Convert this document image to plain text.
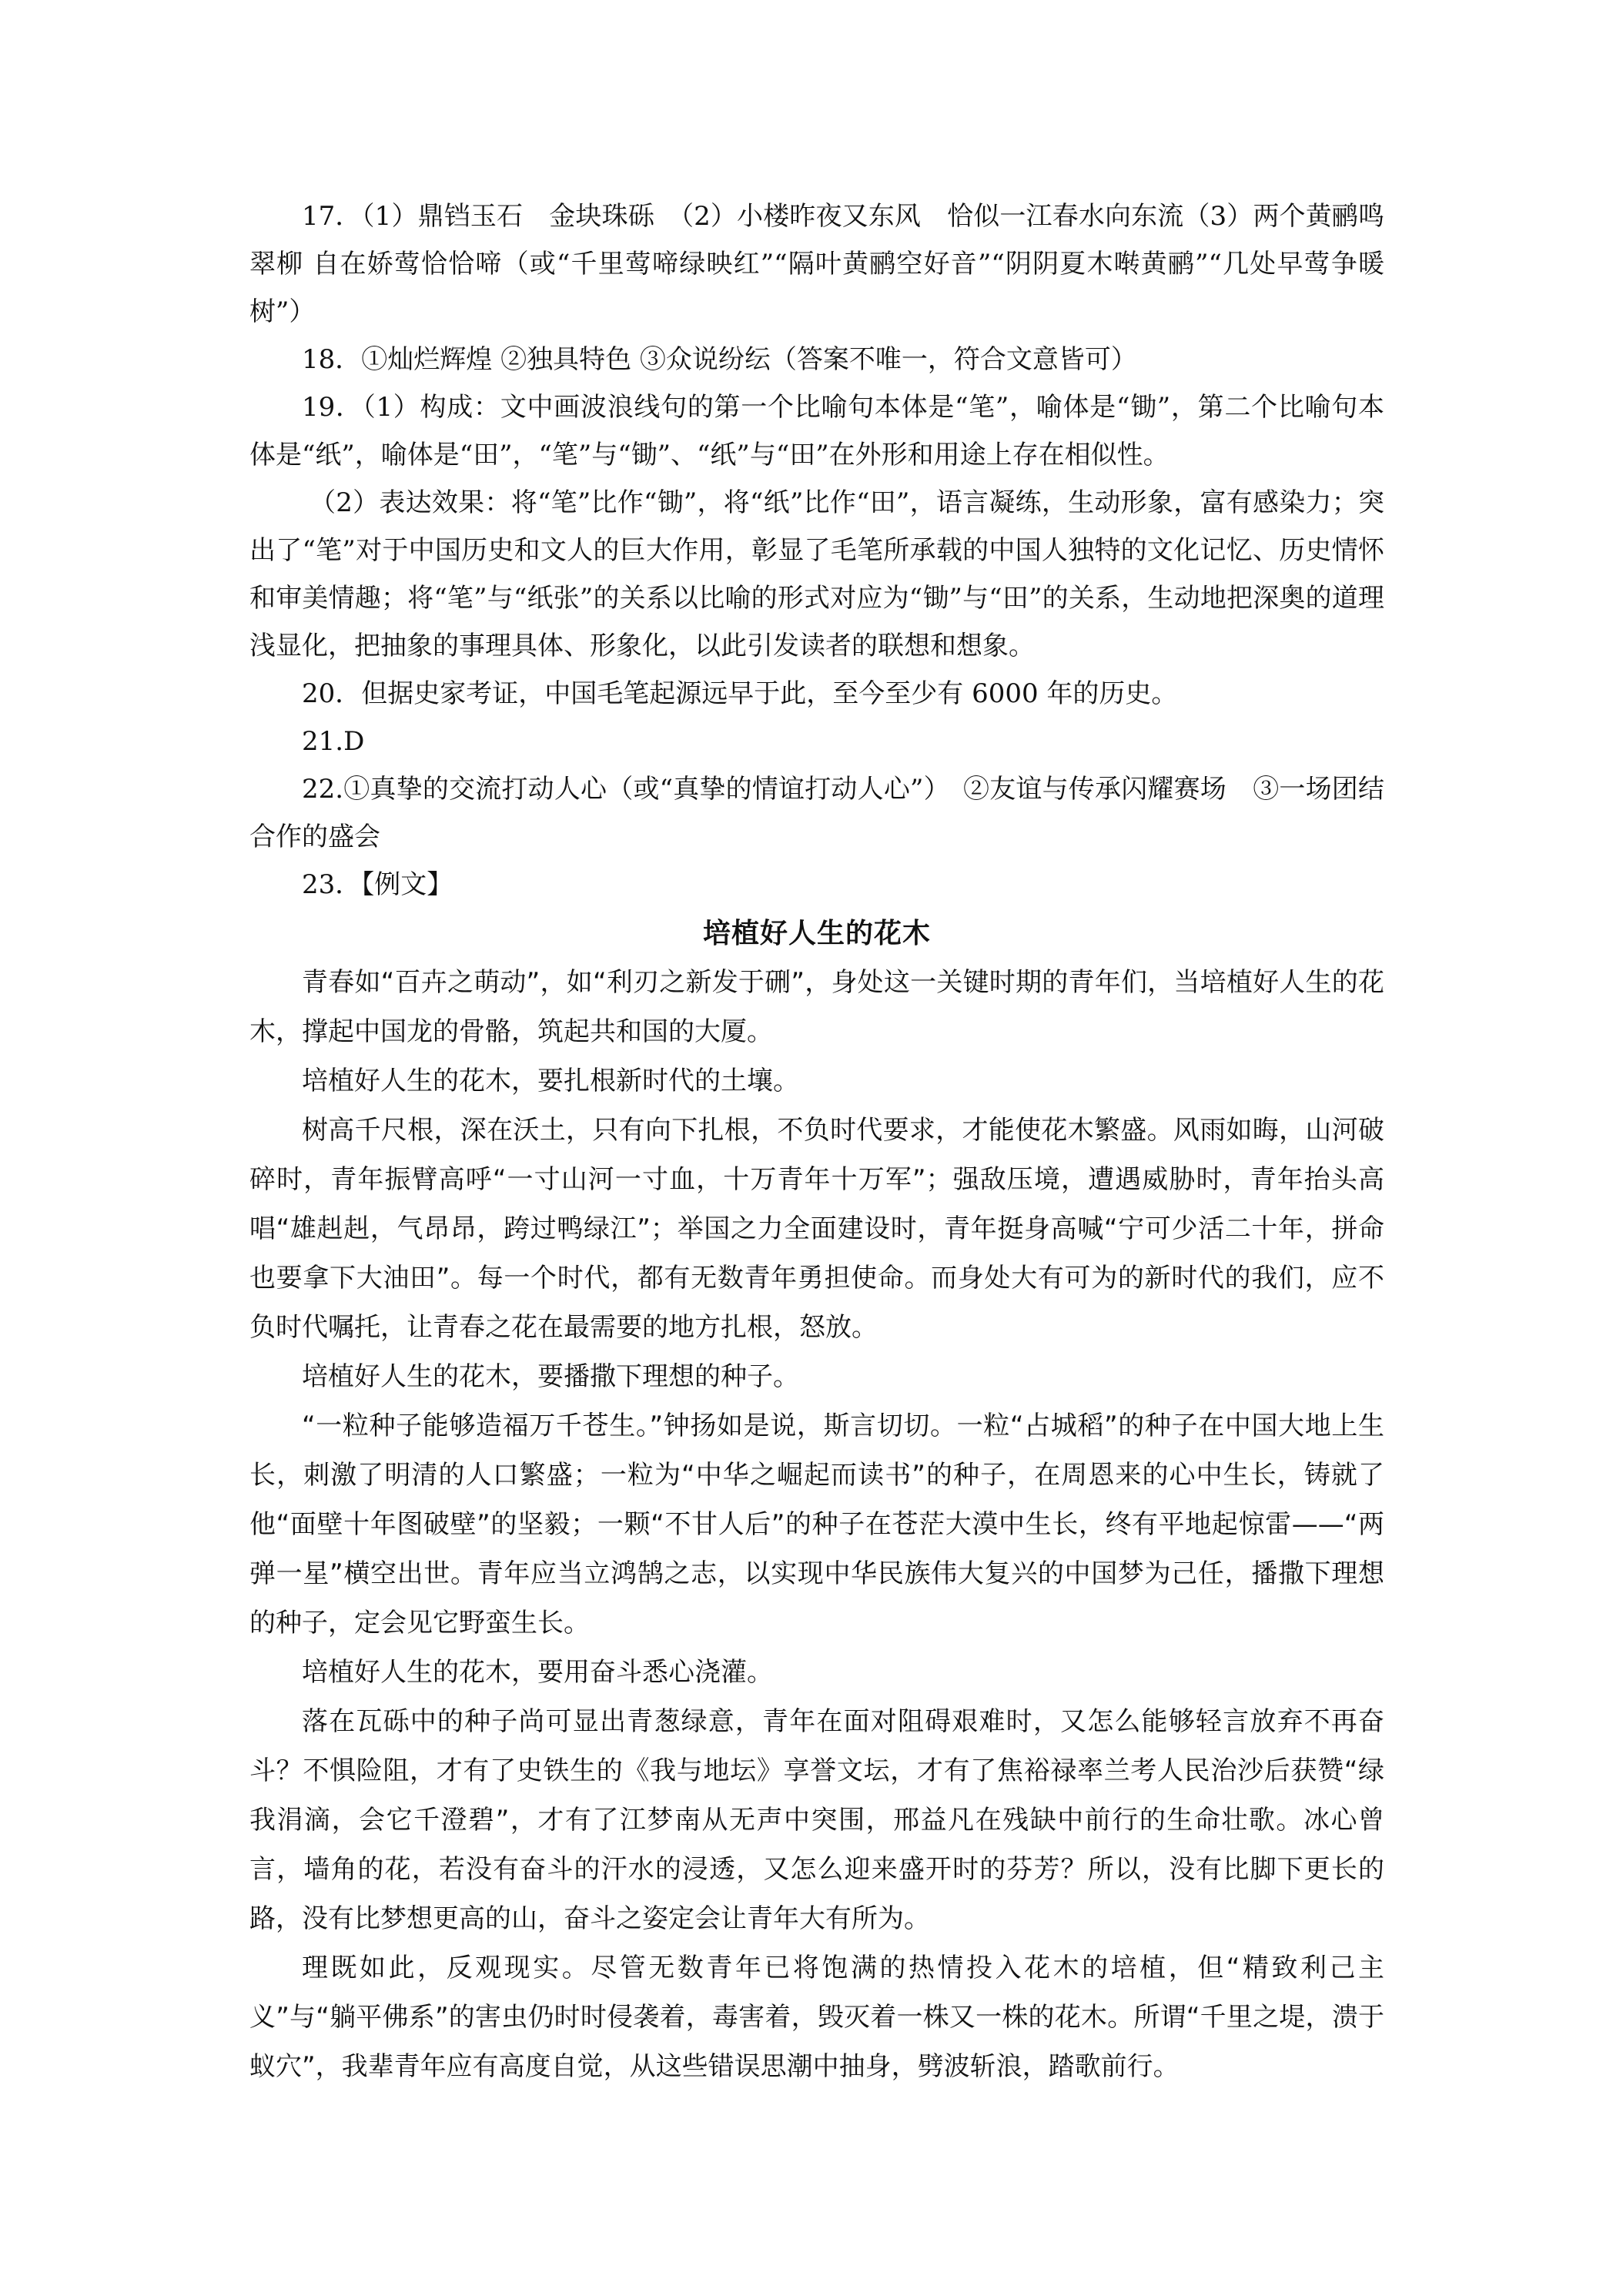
17．（1）鼎铛玉石　金块珠砾　（2）小楼昨夜又东风　恰似一江春水向东流（3）两个黄鹂鸣翠柳 自在娇莺恰恰啼（或“千里莺啼绿映红”“隔叶黄鹂空好音”“阴阴夏木啭黄鹂”“几处早莺争暖树”）

18．①灿烂辉煌 ②独具特色 ③众说纷纭（答案不唯一，符合文意皆可）

19．（1）构成：文中画波浪线句的第一个比喻句本体是“笔”，喻体是“锄”，第二个比喻句本体是“纸”，喻体是“田”，“笔”与“锄”、“纸”与“田”在外形和用途上存在相似性。

（2）表达效果：将“笔”比作“锄”，将“纸”比作“田”，语言凝练，生动形象，富有感染力；突出了“笔”对于中国历史和文人的巨大作用，彰显了毛笔所承载的中国人独特的文化记忆、历史情怀和审美情趣；将“笔”与“纸张”的关系以比喻的形式对应为“锄”与“田”的关系，生动地把深奥的道理浅显化，把抽象的事理具体、形象化，以此引发读者的联想和想象。

20．但据史家考证，中国毛笔起源远早于此，至今至少有 6000 年的历史。

21.D

22.①真挚的交流打动人心（或“真挚的情谊打动人心”）　②友谊与传承闪耀赛场　③一场团结合作的盛会

23．【例文】

培植好人生的花木

青春如“百卉之萌动”，如“利刃之新发于硎”，身处这一关键时期的青年们，当培植好人生的花木，撑起中国龙的骨骼，筑起共和国的大厦。

培植好人生的花木，要扎根新时代的土壤。

树高千尺根，深在沃土，只有向下扎根，不负时代要求，才能使花木繁盛。风雨如晦，山河破碎时，青年振臂高呼“一寸山河一寸血，十万青年十万军”；强敌压境，遭遇威胁时，青年抬头高唱“雄赳赳，气昂昂，跨过鸭绿江”；举国之力全面建设时，青年挺身高喊“宁可少活二十年，拼命也要拿下大油田”。每一个时代，都有无数青年勇担使命。而身处大有可为的新时代的我们，应不负时代嘱托，让青春之花在最需要的地方扎根，怒放。

培植好人生的花木，要播撒下理想的种子。

“一粒种子能够造福万千苍生。”钟扬如是说，斯言切切。一粒“占城稻”的种子在中国大地上生长，刺激了明清的人口繁盛；一粒为“中华之崛起而读书”的种子，在周恩来的心中生长，铸就了他“面壁十年图破壁”的坚毅；一颗“不甘人后”的种子在苍茫大漠中生长，终有平地起惊雷——“两弹一星”横空出世。青年应当立鸿鹄之志，以实现中华民族伟大复兴的中国梦为己任，播撒下理想的种子，定会见它野蛮生长。

培植好人生的花木，要用奋斗悉心浇灌。

落在瓦砾中的种子尚可显出青葱绿意，青年在面对阻碍艰难时，又怎么能够轻言放弃不再奋斗？不惧险阻，才有了史铁生的《我与地坛》享誉文坛，才有了焦裕禄率兰考人民治沙后获赞“绿我涓滴，会它千澄碧”，才有了江梦南从无声中突围，邢益凡在残缺中前行的生命壮歌。冰心曾言，墙角的花，若没有奋斗的汗水的浸透，又怎么迎来盛开时的芬芳？所以，没有比脚下更长的路，没有比梦想更高的山，奋斗之姿定会让青年大有所为。

理既如此，反观现实。尽管无数青年已将饱满的热情投入花木的培植，但“精致利己主义”与“躺平佛系”的害虫仍时时侵袭着，毒害着，毁灭着一株又一株的花木。所谓“千里之堤，溃于蚁穴”，我辈青年应有高度自觉，从这些错误思潮中抽身，劈波斩浪，踏歌前行。
